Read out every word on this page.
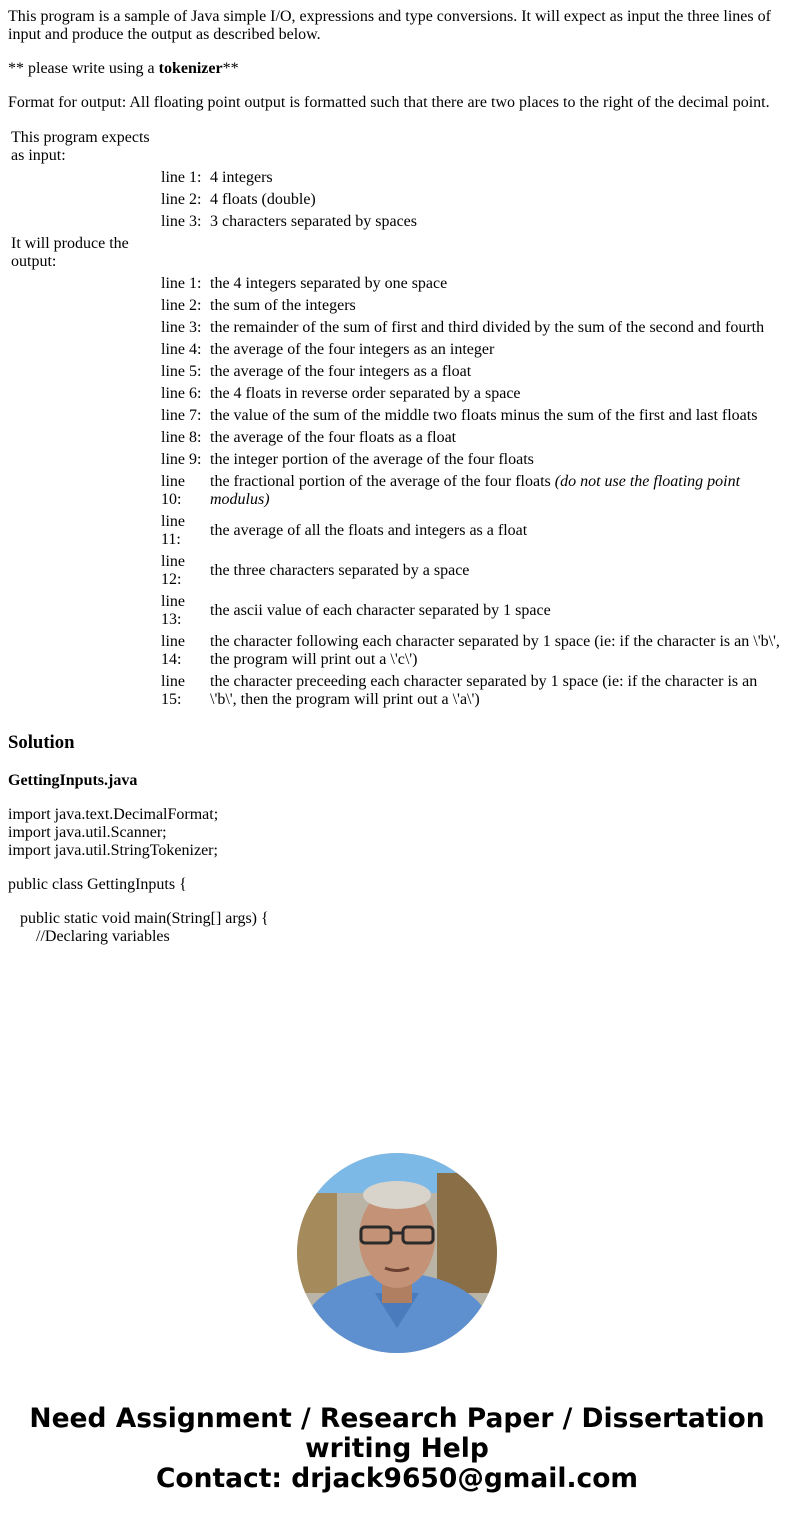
This program is a sample of Java simple I/O, expressions and type conversions. It will expect as input the three lines of input and produce the output as described below.

** please write using a tokenizer**

Format for output: All floating point output is formatted such that there are two places to the right of the decimal point.

This program expects as input:		
	line 1:	4 integers
	line 2:	4 floats (double)
	line 3:	3 characters separated by spaces
It will produce the output:		
	line 1:	the 4 integers separated by one space
	line 2:	the sum of the integers
	line 3:	the remainder of the sum of first and third divided by the sum of the second and fourth
	line 4:	the average of the four integers as an integer
	line 5:	the average of the four integers as a float
	line 6:	the 4 floats in reverse order separated by a space
	line 7:	the value of the sum of the middle two floats minus the sum of the first and last floats
	line 8:	the average of the four floats as a float
	line 9:	the integer portion of the average of the four floats
	line 10:	the fractional portion of the average of the four floats (do not use the floating point modulus)
	line 11:	the average of all the floats and integers as a float
	line 12:	the three characters separated by a space
	line 13:	the ascii value of each character separated by 1 space
	line 14:	the character following each character separated by 1 space (ie: if the character is an \'b\', the program will print out a \'c\')
	line 15:	the character preceeding each character separated by 1 space (ie: if the character is an \'b\', then the program will print out a \'a\')
Solution

GettingInputs.java

import java.text.DecimalFormat;
import java.util.Scanner;
import java.util.StringTokenizer;

public class GettingInputs {

public static void main(String[] args) {
//Declaring variables

Need Assignment / Research Paper / Dissertation
writing Help
Contact: drjack9650@gmail.com
